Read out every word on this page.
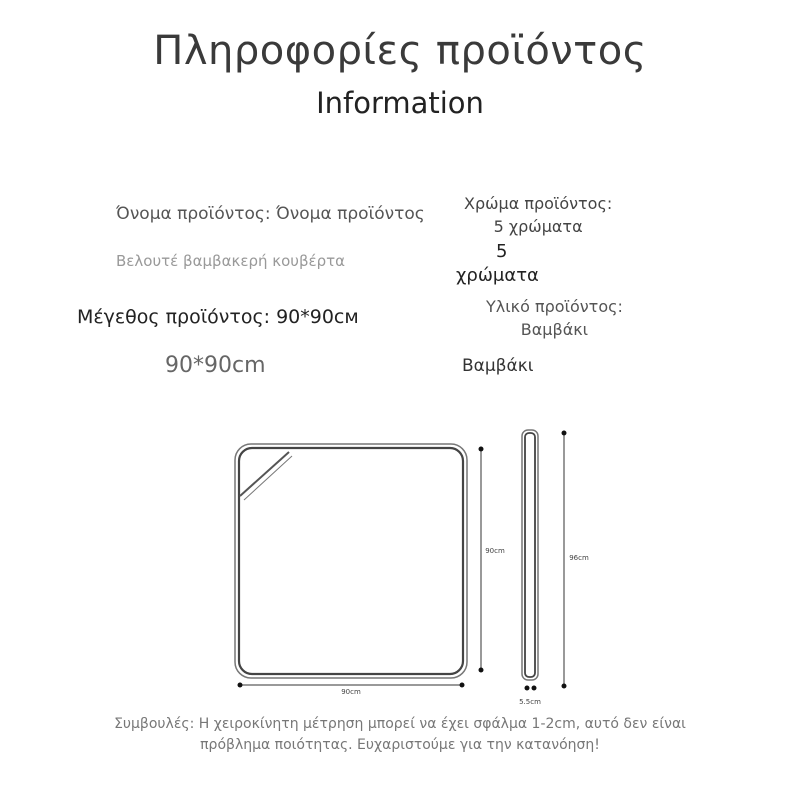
Πληροφορίες προϊόντος
Information
Όνομα προϊόντος: Όνομα προϊόντος
Βελουτέ βαμβακερή κουβέρτα
Χρώμα προϊόντος:
5 χρώματα
5
χρώματα
Μέγεθος προϊόντος: 90*90cм
90*90cm
Υλικό προϊόντος:
Βαμβάκι
Βαμβάκι
90cm
90cm
5.5cm
96cm
Συμβουλές: Η χειροκίνητη μέτρηση μπορεί να έχει σφάλμα 1-2cm, αυτό δεν είναι
πρόβλημα ποιότητας. Ευχαριστούμε για την κατανόηση!
